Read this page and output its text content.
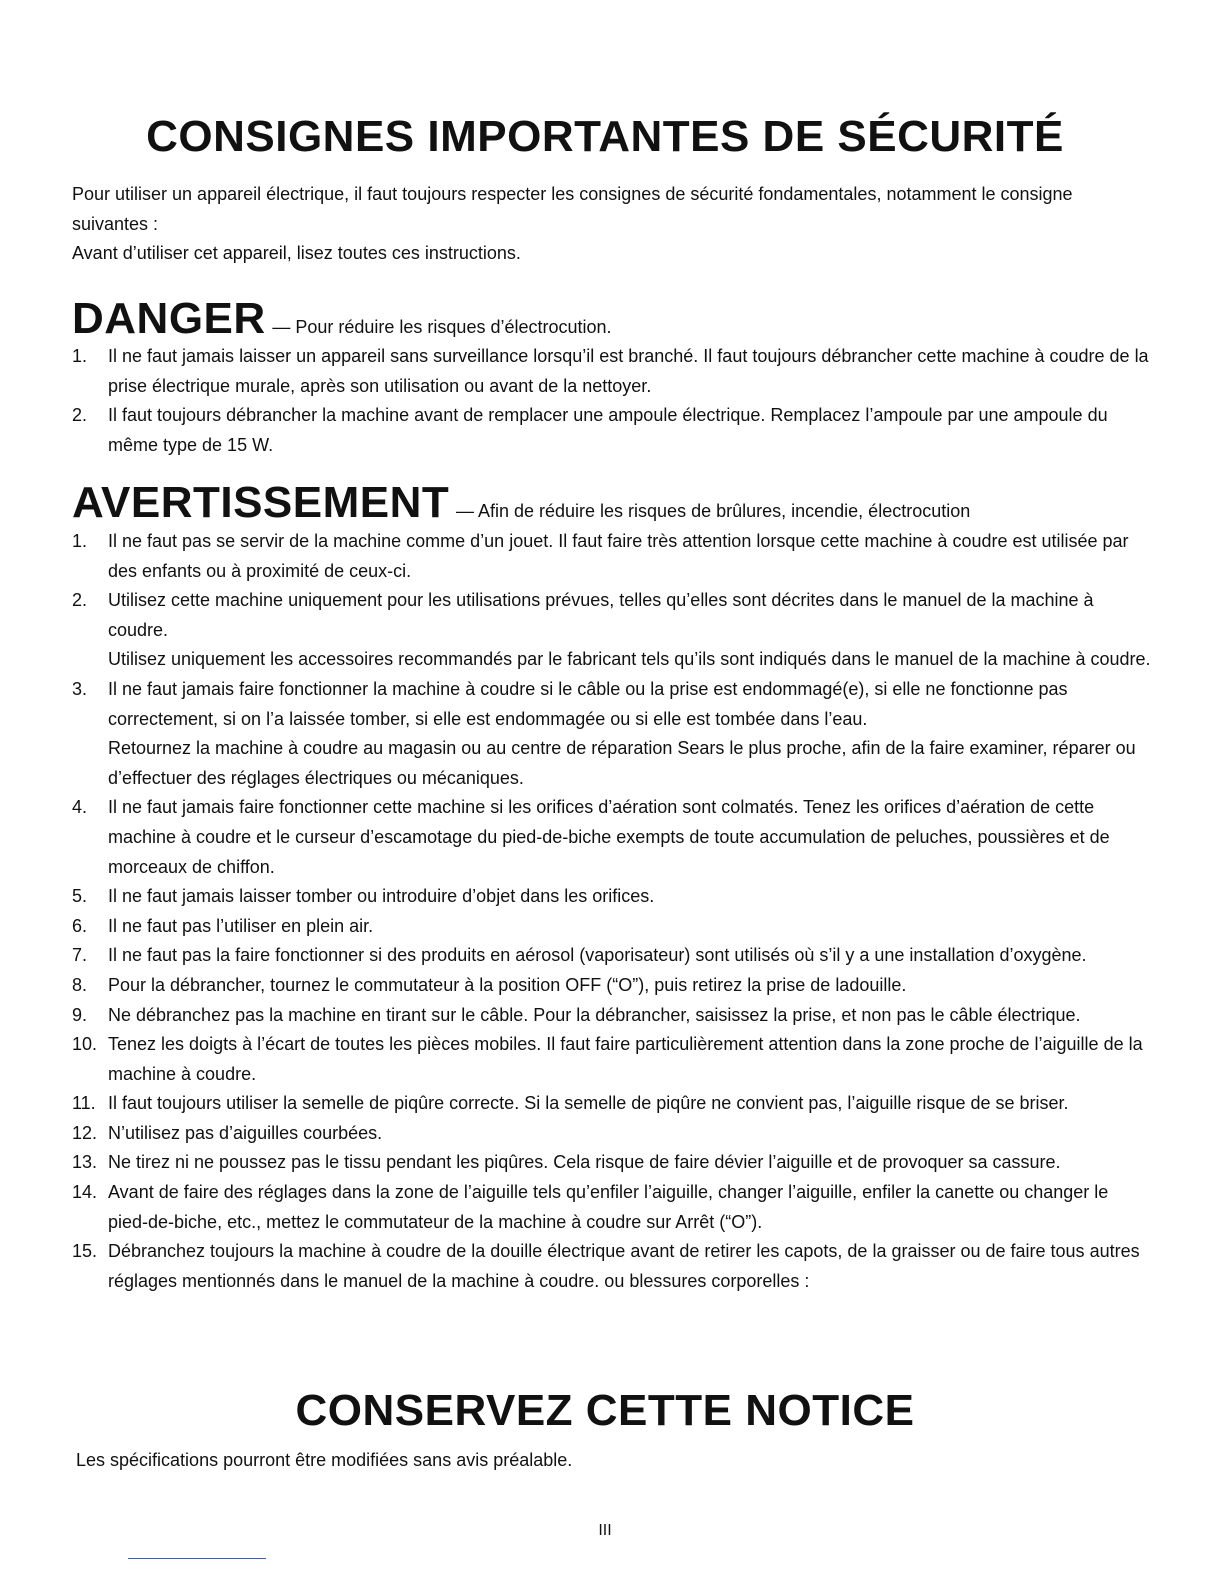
CONSIGNES IMPORTANTES DE SÉCURITÉ

Pour utiliser un appareil électrique, il faut toujours respecter les consignes de sécurité fondamentales, notamment le consigne suivantes :

Avant d’utiliser cet appareil, lisez toutes ces instructions.

DANGER — Pour réduire les risques d’électrocution.
1. Il ne faut jamais laisser un appareil sans surveillance lorsqu’il est branché. Il faut toujours débrancher cette machine à coudre de la prise électrique murale, après son utilisation ou avant de la nettoyer.
2. Il faut toujours débrancher la machine avant de remplacer une ampoule électrique. Remplacez l’ampoule par une ampoule du même type de 15 W.
AVERTISSEMENT — Afin de réduire les risques de brûlures, incendie, électrocution
1. Il ne faut pas se servir de la machine comme d’un jouet. Il faut faire très attention lorsque cette machine à coudre est utilisée par des enfants ou à proximité de ceux-ci.
2. Utilisez cette machine uniquement pour les utilisations prévues, telles qu’elles sont décrites dans le manuel de la machine à coudre.
Utilisez uniquement les accessoires recommandés par le fabricant tels qu’ils sont indiqués dans le manuel de la machine à coudre.
3. Il ne faut jamais faire fonctionner la machine à coudre si le câble ou la prise est endommagé(e), si elle ne fonctionne pas correctement, si on l’a laissée tomber, si elle est endommagée ou si elle est tombée dans l’eau.
Retournez la machine à coudre au magasin ou au centre de réparation Sears le plus proche, afin de la faire examiner, réparer ou d’effectuer des réglages électriques ou mécaniques.
4. Il ne faut jamais faire fonctionner cette machine si les orifices d’aération sont colmatés. Tenez les orifices d’aération de cette machine à coudre et le curseur d’escamotage du pied-de-biche exempts de toute accumulation de peluches, poussières et de morceaux de chiffon.
5. Il ne faut jamais laisser tomber ou introduire d’objet dans les orifices.
6. Il ne faut pas l’utiliser en plein air.
7. Il ne faut pas la faire fonctionner si des produits en aérosol (vaporisateur) sont utilisés où s’il y a une installation d’oxygène.
8. Pour la débrancher, tournez le commutateur à la position OFF (“O”), puis retirez la prise de ladouille.
9. Ne débranchez pas la machine en tirant sur le câble. Pour la débrancher, saisissez la prise, et non pas le câble électrique.
10. Tenez les doigts à l’écart de toutes les pièces mobiles. Il faut faire particulièrement attention dans la zone proche de l’aiguille de la machine à coudre.
11. Il faut toujours utiliser la semelle de piqûre correcte. Si la semelle de piqûre ne convient pas, l’aiguille risque de se briser.
12. N’utilisez pas d’aiguilles courbées.
13. Ne tirez ni ne poussez pas le tissu pendant les piqûres. Cela risque de faire dévier l’aiguille et de provoquer sa cassure.
14. Avant de faire des réglages dans la zone de l’aiguille tels qu’enfiler l’aiguille, changer l’aiguille, enfiler la canette ou changer le pied-de-biche, etc., mettez le commutateur de la machine à coudre sur Arrêt (“O”).
15. Débranchez toujours la machine à coudre de la douille électrique avant de retirer les capots, de la graisser ou de faire tous autres réglages mentionnés dans le manuel de la machine à coudre. ou blessures corporelles :
CONSERVEZ CETTE NOTICE

Les spécifications pourront être modifiées sans avis préalable.

III
